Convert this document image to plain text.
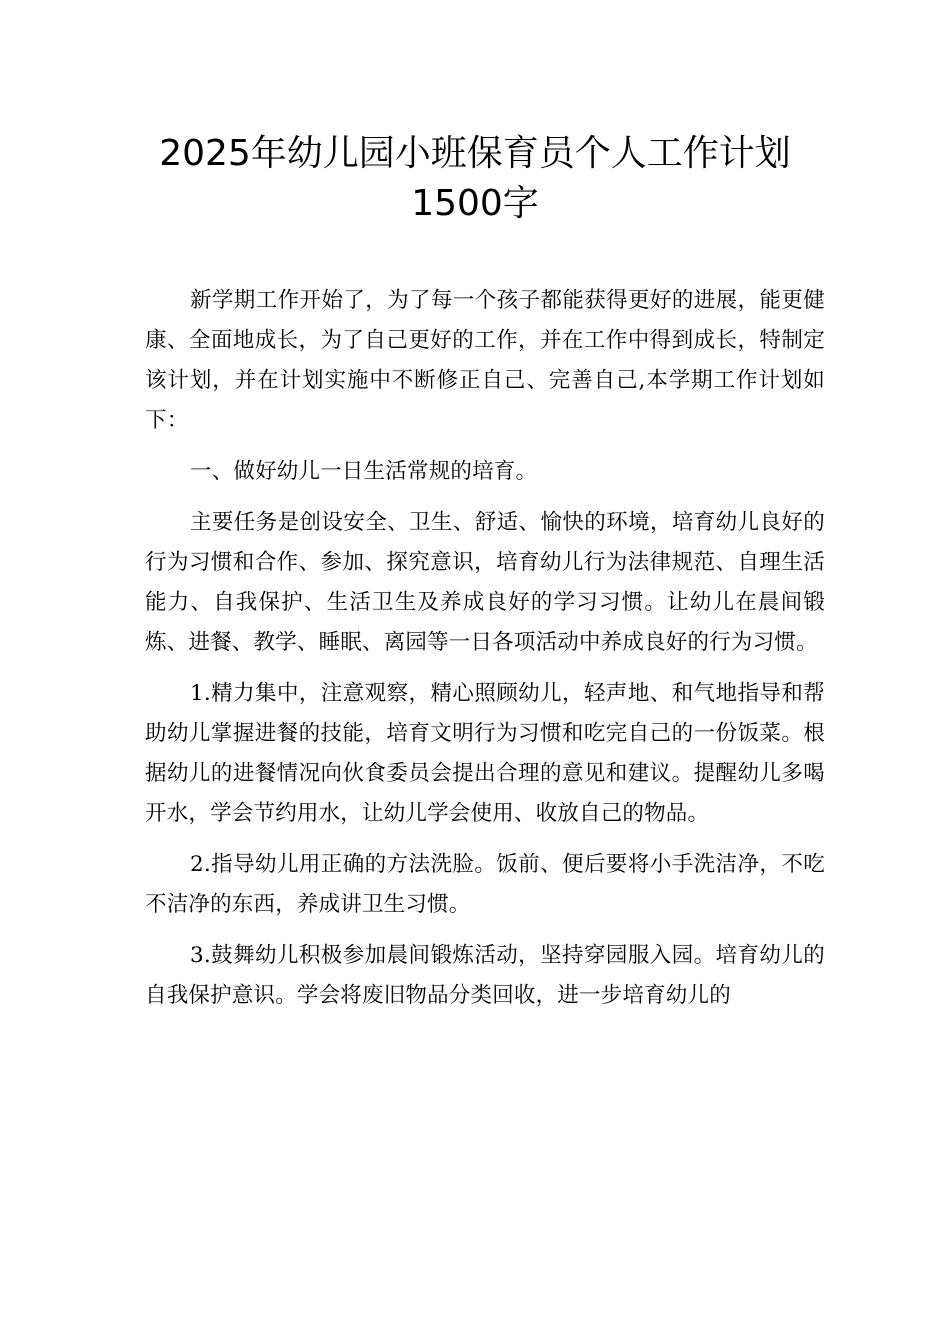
2025年幼儿园小班保育员个人工作计划
1500字

新学期工作开始了，为了每一个孩子都能获得更好的进展，能更健康、全面地成长，为了自己更好的工作，并在工作中得到成长，特制定该计划，并在计划实施中不断修正自己、完善自己,本学期工作计划如下：

一、做好幼儿一日生活常规的培育。

主要任务是创设安全、卫生、舒适、愉快的环境，培育幼儿良好的行为习惯和合作、参加、探究意识，培育幼儿行为法律规范、自理生活能力、自我保护、生活卫生及养成良好的学习习惯。让幼儿在晨间锻炼、进餐、教学、睡眠、离园等一日各项活动中养成良好的行为习惯。

1.精力集中，注意观察，精心照顾幼儿，轻声地、和气地指导和帮助幼儿掌握进餐的技能，培育文明行为习惯和吃完自己的一份饭菜。根据幼儿的进餐情况向伙食委员会提出合理的意见和建议。提醒幼儿多喝开水，学会节约用水，让幼儿学会使用、收放自己的物品。

2.指导幼儿用正确的方法洗脸。饭前、便后要将小手洗洁净，不吃不洁净的东西，养成讲卫生习惯。

3.鼓舞幼儿积极参加晨间锻炼活动，坚持穿园服入园。培育幼儿的自我保护意识。学会将废旧物品分类回收，进一步培育幼儿的
